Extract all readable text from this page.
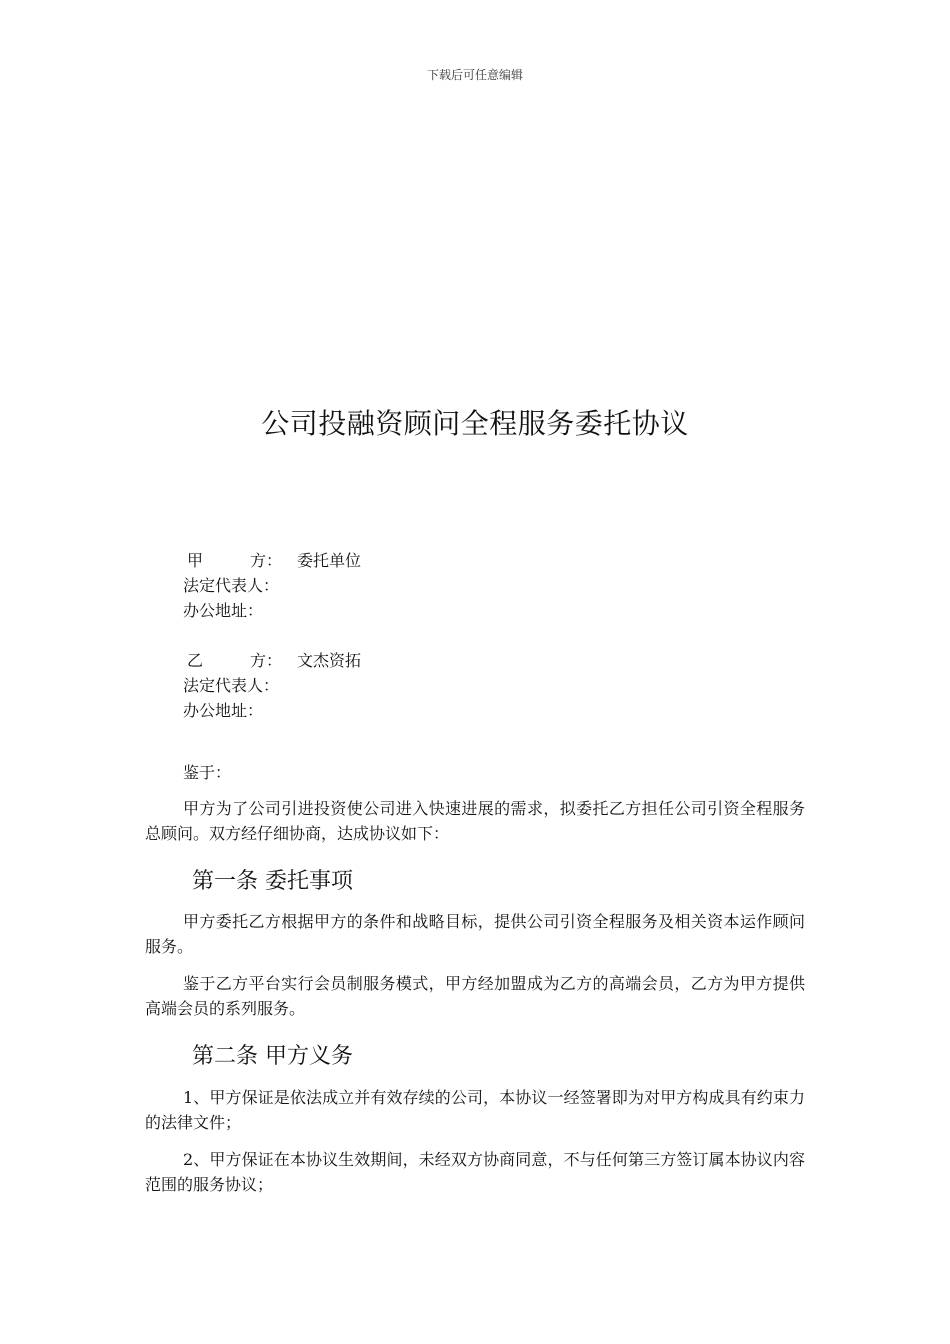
下载后可任意编辑
公司投融资顾问全程服务委托协议
甲	方： 委托单位
法定代表人：
办公地址：
乙	方： 文杰资拓
法定代表人：
办公地址：
鉴于：

甲方为了公司引进投资使公司进入快速进展的需求，拟委托乙方担任公司引资全程服务总顾问。双方经仔细协商，达成协议如下：

第一条 委托事项

甲方委托乙方根据甲方的条件和战略目标，提供公司引资全程服务及相关资本运作顾问服务。

鉴于乙方平台实行会员制服务模式，甲方经加盟成为乙方的高端会员，乙方为甲方提供高端会员的系列服务。

第二条 甲方义务

1、甲方保证是依法成立并有效存续的公司，本协议一经签署即为对甲方构成具有约束力的法律文件；

2、甲方保证在本协议生效期间，未经双方协商同意，不与任何第三方签订属本协议内容范围的服务协议；
